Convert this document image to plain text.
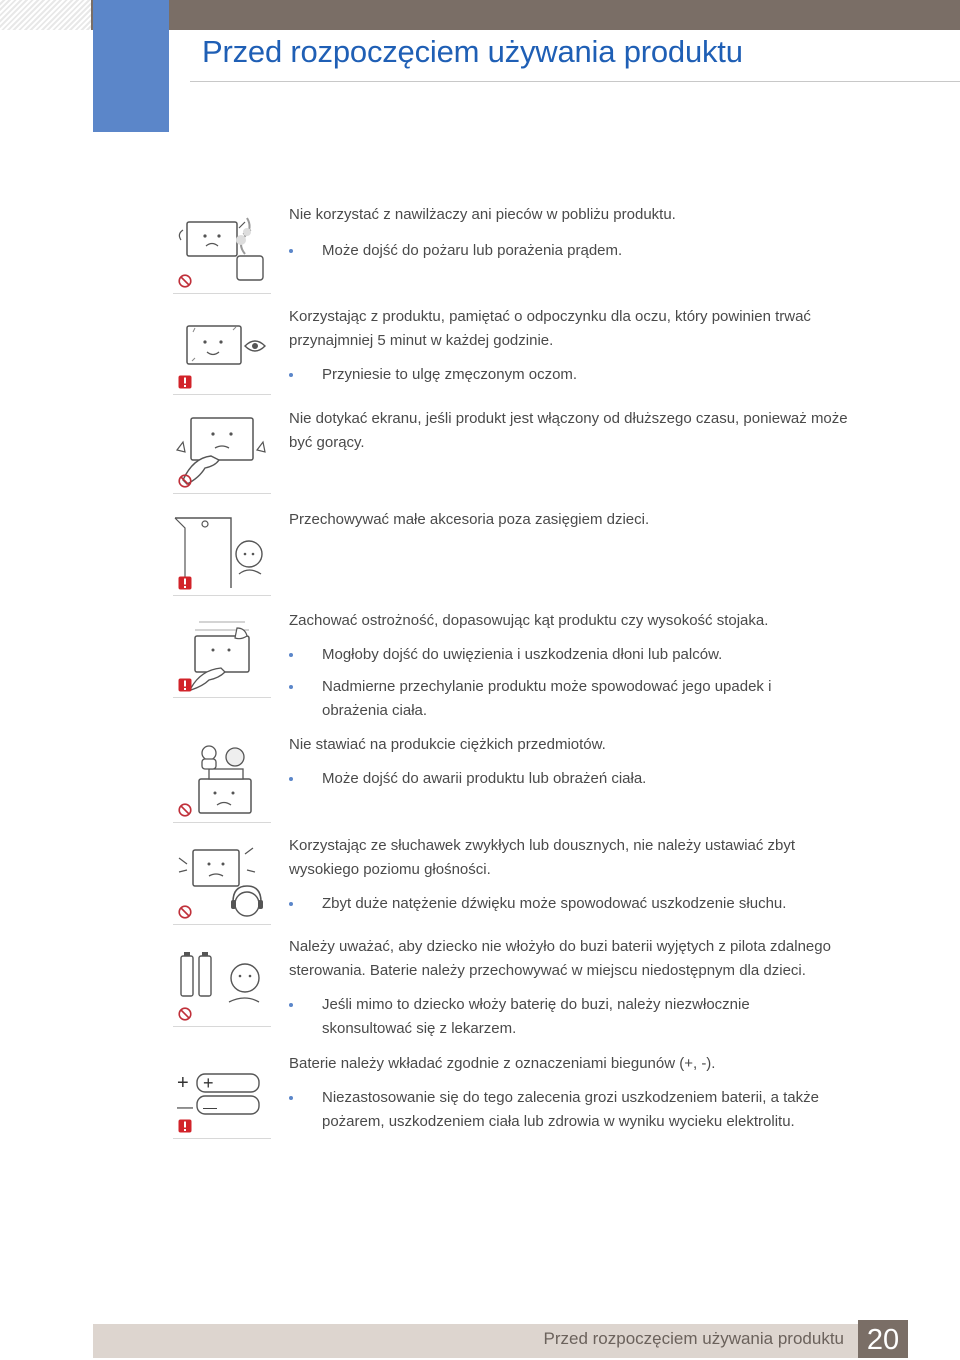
Przed rozpoczęciem używania produktu

Nie korzystać z nawilżaczy ani pieców w pobliżu produktu.

Może dojść do pożaru lub porażenia prądem.

Korzystając z produktu, pamiętać o odpoczynku dla oczu, który powinien trwać przynajmniej 5 minut w każdej godzinie.

Przyniesie to ulgę zmęczonym oczom.

Nie dotykać ekranu, jeśli produkt jest włączony od dłuższego czasu, ponieważ może być gorący.

Przechowywać małe akcesoria poza zasięgiem dzieci.

Zachować ostrożność, dopasowując kąt produktu czy wysokość stojaka.

Mogłoby dojść do uwięzienia i uszkodzenia dłoni lub palców.
Nadmierne przechylanie produktu może spowodować jego upadek i obrażenia ciała.

Nie stawiać na produkcie ciężkich przedmiotów.

Może dojść do awarii produktu lub obrażeń ciała.

Korzystając ze słuchawek zwykłych lub dousznych, nie należy ustawiać zbyt wysokiego poziomu głośności.

Zbyt duże natężenie dźwięku może spowodować uszkodzenie słuchu.

Należy uważać, aby dziecko nie włożyło do buzi baterii wyjętych z pilota zdalnego sterowania. Baterie należy przechowywać w miejscu niedostępnym dla dzieci.

Jeśli mimo to dziecko włoży baterię do buzi, należy niezwłocznie skonsultować się z lekarzem.
+ +
— —

Baterie należy wkładać zgodnie z oznaczeniami biegunów (+, -).

Niezastosowanie się do tego zalecenia grozi uszkodzeniem baterii, a także pożarem, uszkodzeniem ciała lub zdrowia w wyniku wycieku elektrolitu.

Przed rozpoczęciem używania produktu 20
